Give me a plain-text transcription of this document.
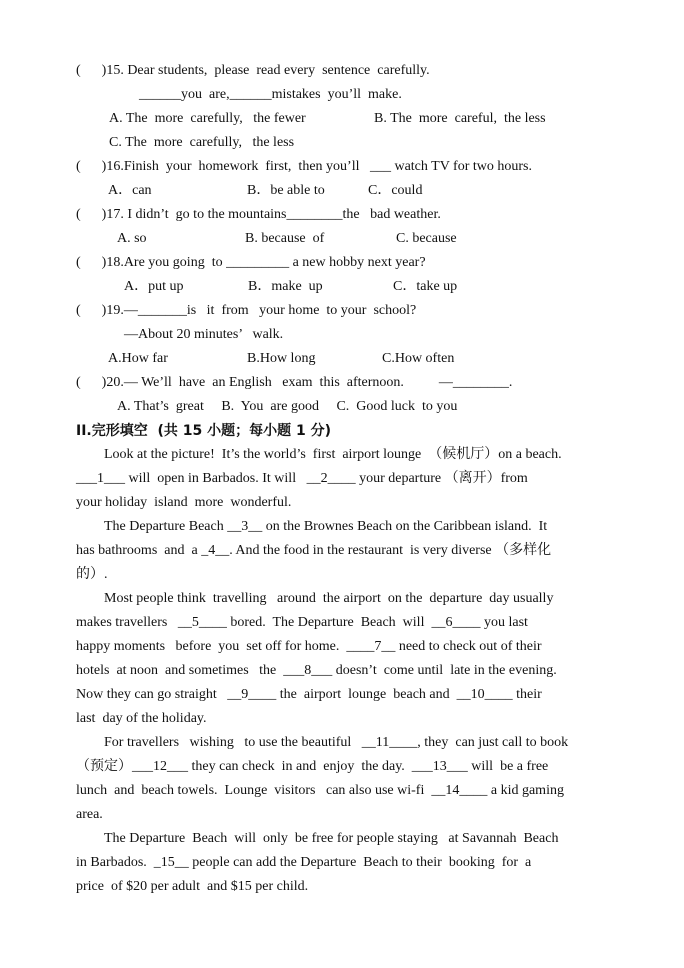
(      )15. Dear students,  please  read every  sentence  carefully.
______you  are,______mistakes  you’ll  make.
A. The  more  carefully,   the fewer	B. The  more  careful,  the less
C. The  more  carefully,   the less
(      )16.Finish  your  homework  first,  then you’ll   ___ watch TV for two hours.
A．can	B．be able to	C．could
(      )17. I didn’t  go to the mountains________the   bad weather.
A. so	B. because  of	C. because
(      )18.Are you going  to _________ a new hobby next year?
A．put up	B．make  up	C．take up
(      )19.—_______is   it  from   your home  to your  school?
—About 20 minutes’   walk.
A.How far	B.How long	C.How often
(      )20.— We’ll  have  an English   exam  this  afternoon.          —________.
A. That’s  great     B.  You  are good     C.  Good luck  to you
II.完形填空  (共 15 小题；每小题 1 分)
Look at the picture!  It’s the world’s  first  airport lounge  （候机厅）on a beach.
___1___ will  open in Barbados. It will   __2____ your departure （离开）from
your holiday  island  more  wonderful.
The Departure Beach __3__ on the Brownes Beach on the Caribbean island.  It
has bathrooms  and  a _4__. And the food in the restaurant  is very diverse （多样化
的）.
Most people think  travelling   around  the airport  on the  departure  day usually
makes travellers   __5____ bored.  The Departure  Beach  will  __6____ you last
happy moments   before  you  set off for home.  ____7__ need to check out of their
hotels  at noon  and sometimes   the  ___8___ doesn’t  come until  late in the evening.
Now they can go straight   __9____ the  airport  lounge  beach and  __10____ their
last  day of the holiday.
For travellers   wishing   to use the beautiful   __11____, they  can just call to book
（预定）___12___ they can check  in and  enjoy  the day.  ___13___ will  be a free
lunch  and  beach towels.  Lounge  visitors   can also use wi-fi  __14____ a kid gaming
area.
The Departure  Beach  will  only  be free for people staying   at Savannah  Beach
in Barbados.  _15__ people can add the Departure  Beach to their  booking  for  a
price  of $20 per adult  and $15 per child.
